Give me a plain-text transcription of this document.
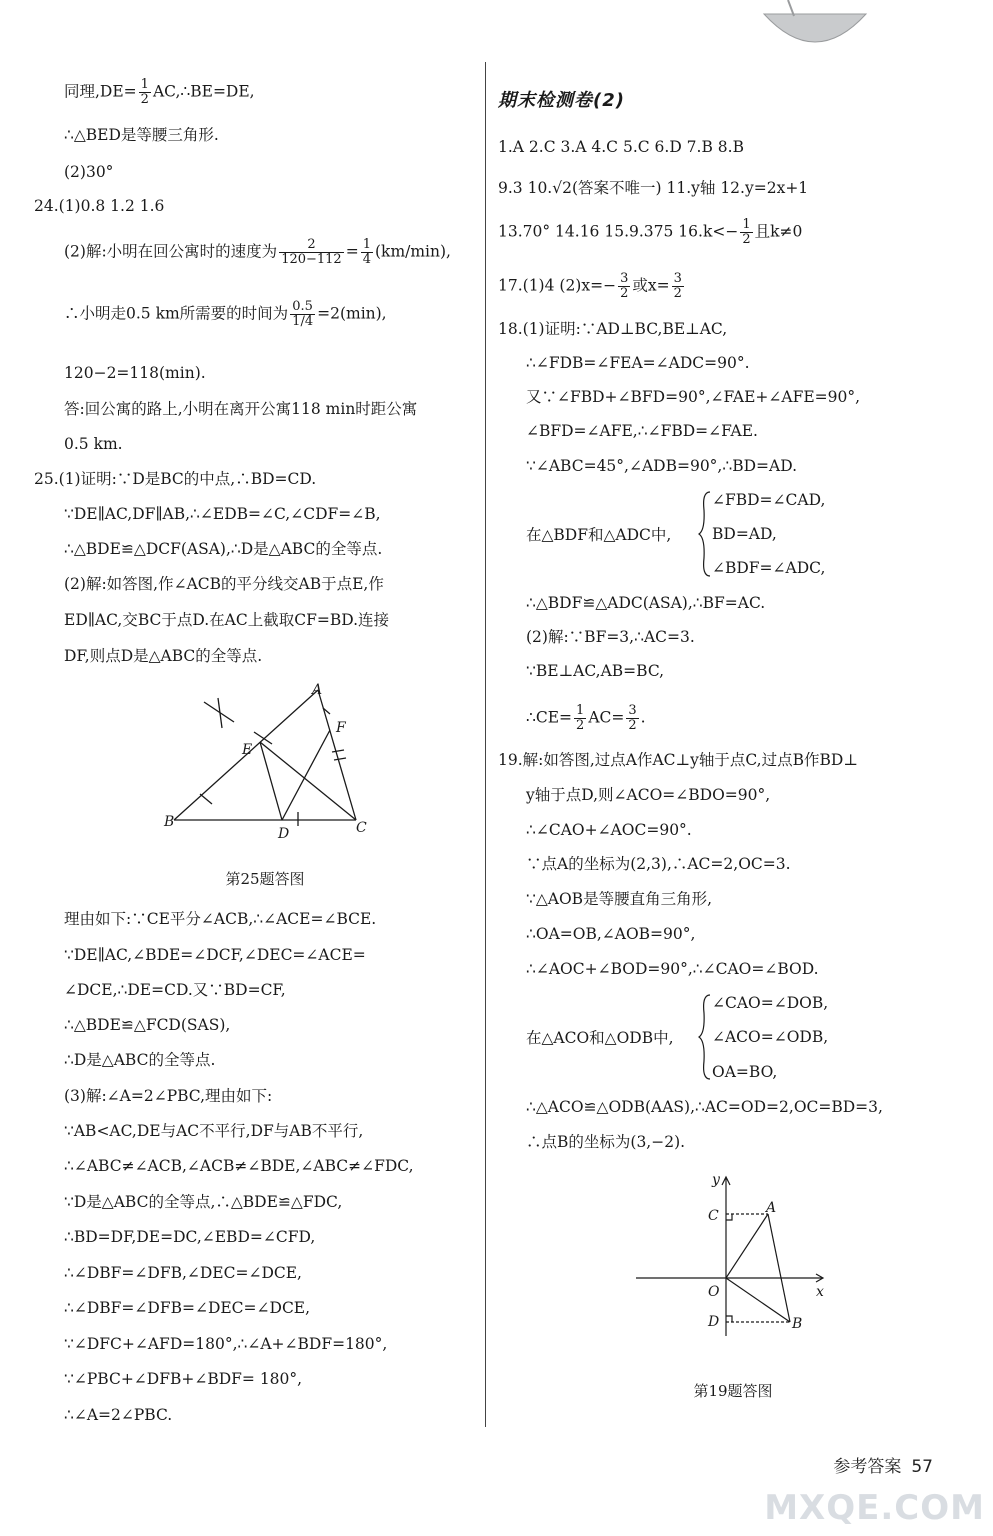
同理$,DE= \frac{1}{2}$ AC,∴BE=DE,
∴△BED是等腰三角形.
(2)30°
24.(1)0.8 1.2 1.6
(2)解:小明在回公寓时的速度为 $\frac{2}{120-112} = \frac{1}{4} (km/\min)$,
∴小明走0.5 km所需要的时间为 $\frac{0.5}{1/4} =2(\min)$,
120−2=118(min).
答:回公寓的路上,小明在离开公寓118 min时距公寓
0.5 km.
25.(1)证明:∵D是BC的中点,∴BD=CD.
∵DE∥AC,DF∥AB,∴∠EDB=∠C,∠CDF=∠B,
∴△BDE≌△DCF(ASA),∴D是△ABC的全等点.
(2)解:如答图,作∠ACB的平分线交AB于点E,作
ED∥AC,交BC于点D.在AC上截取CF=BD.连接
DF,则点D是△ABC的全等点.
A
B	C
D
E
F
第25题答图
理由如下:∵CE平分∠ACB,∴∠ACE=∠BCE.
∵DE∥AC,∠BDE=∠DCF,∠DEC=∠ACE=
∠DCE,∴DE=CD.又∵BD=CF,
∴△BDE≌△FCD(SAS),
∴D是△ABC的全等点.
(3)解:∠A=2∠PBC,理由如下:
∵AB<AC,DE与AC不平行,DF与AB不平行,
∴∠ABC≠∠ACB,∠ACB≠∠BDE,∠ABC≠∠FDC,
∵D是△ABC的全等点,∴△BDE≌△FDC,
∴BD=DF,DE=DC,∠EBD=∠CFD,
∴∠DBF=∠DFB,∠DEC=∠DCE,
∴∠DBF=∠DFB=∠DEC=∠DCE,
∵∠DFC+∠AFD=180°,∴∠A+∠BDF=180°,
∵∠PBC+∠DFB+∠BDF= 180°,
∴∠A=2∠PBC.
期末检测卷(2)
1.A 2.C 3.A 4.C 5.C 6.D 7.B 8.B
9.3 10.√2(答案不唯一) 11.y轴 12.y=2x+1
13.70° 14.16 15.9.375 $16.k<- \frac{1}{2}$ 且k≠0
17.(1)4 $(2)x=- \frac{3}{2}$ 或$x= \frac{3}{2}$
18.(1)证明:∵AD⊥BC,BE⊥AC,
∴∠FDB=∠FEA=∠ADC=90°.
又∵∠FBD+∠BFD=90°,∠FAE+∠AFE=90°,
∠BFD=∠AFE,∴∠FBD=∠FAE.
∵∠ABC=45°,∠ADB=90°,∴BD=AD.
在△BDF和△ADC中,
∠FBD=∠CAD,
BD=AD,
∠BDF=∠ADC,
∴△BDF≌△ADC(ASA),∴BF=AC.
(2)解:∵BF=3,∴AC=3.
∵BE⊥AC,AB=BC,
∴CE= $\frac{1}{2} AC= \frac{3}{2}$ .
19.解:如答图,过点A作AC⊥y轴于点C,过点B作BD⊥
y轴于点D,则∠ACO=∠BDO=90°,
∴∠CAO+∠AOC=90°.
∵点A的坐标为(2,3),∴AC=2,OC=3.
∵△AOB是等腰直角三角形,
∴OA=OB,∠AOB=90°,
∴∠AOC+∠BOD=90°,∴∠CAO=∠BOD.
在△ACO和△ODB中,
∠CAO=∠DOB,
∠ACO=∠ODB,
OA=BO,
∴△ACO≌△ODB(AAS),∴AC=OD=2,OC=BD=3,
∴点B的坐标为(3,−2).
y
x
O
A
B
C
D
第19题答图
参考答案 57
MXQE.COM
